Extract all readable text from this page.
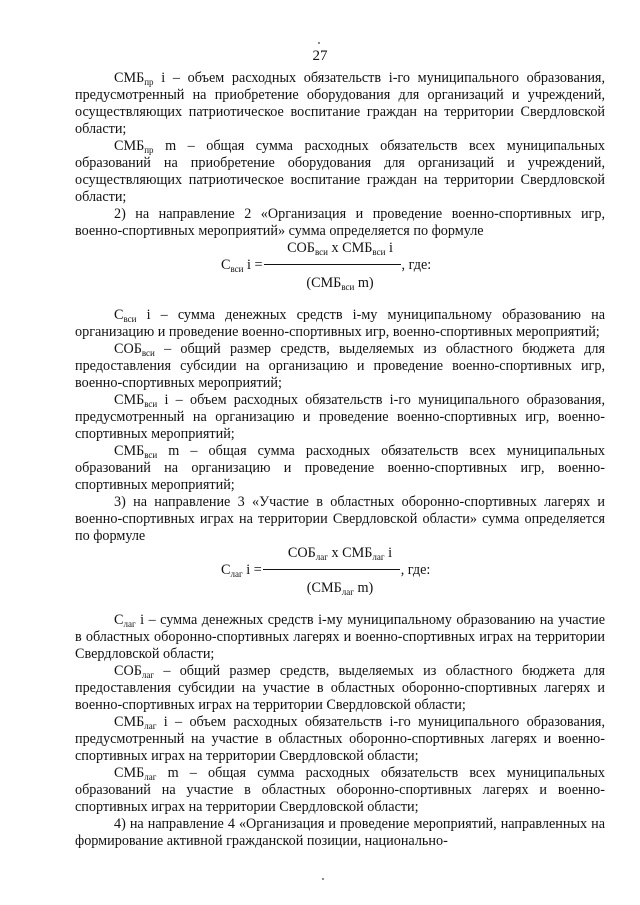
27

$СМБ_{пр}$ i – объем расходных обязательств i-го муниципального образования, предусмотренный на приобретение оборудования для организаций и учреждений, осуществляющих патриотическое воспитание граждан на территории Свердловской области;

$СМБ_{пр}$ m – общая сумма расходных обязательств всех муниципальных образований на приобретение оборудования для организаций и учреждений, осуществляющих патриотическое воспитание граждан на территории Свердловской области;

2) на направление 2 «Организация и проведение военно-спортивных игр, военно-спортивных мероприятий» сумма определяется по формуле

$СОБ_{вси}$ х $СМБ_{вси}$ i
$С_{вси}$ i =	, где:
($СМБ_{вси}$ m)

$С_{вси}$ i – сумма денежных средств i-му муниципальному образованию на организацию и проведение военно-спортивных игр, военно-спортивных мероприятий;

$СОБ_{вси}$ – общий размер средств, выделяемых из областного бюджета для предоставления субсидии на организацию и проведение военно-спортивных игр, военно-спортивных мероприятий;

$СМБ_{вси}$ i – объем расходных обязательств i-го муниципального образования, предусмотренный на организацию и проведение военно-спортивных игр, военно-спортивных мероприятий;

$СМБ_{вси}$ m – общая сумма расходных обязательств всех муниципальных образований на организацию и проведение военно-спортивных игр, военно-спортивных мероприятий;

3) на направление 3 «Участие в областных оборонно-спортивных лагерях и военно-спортивных играх на территории Свердловской области» сумма определяется по формуле

$СОБ_{лаг}$ х $СМБ_{лаг}$ i
$С_{лаг}$ i =	, где:
($СМБ_{лаг}$ m)

$С_{лаг}$ i – сумма денежных средств i-му муниципальному образованию на участие в областных оборонно-спортивных лагерях и военно-спортивных играх на территории Свердловской области;

$СОБ_{лаг}$ – общий размер средств, выделяемых из областного бюджета для предоставления субсидии на участие в областных оборонно-спортивных лагерях и военно-спортивных играх на территории Свердловской области;

$СМБ_{лаг}$ i – объем расходных обязательств i-го муниципального образования, предусмотренный на участие в областных оборонно-спортивных лагерях и военно-спортивных играх на территории Свердловской области;

$СМБ_{лаг}$ m – общая сумма расходных обязательств всех муниципальных образований на участие в областных оборонно-спортивных лагерях и военно-спортивных играх на территории Свердловской области;

4) на направление 4 «Организация и проведение мероприятий, направленных на формирование активной гражданской позиции, национально-
